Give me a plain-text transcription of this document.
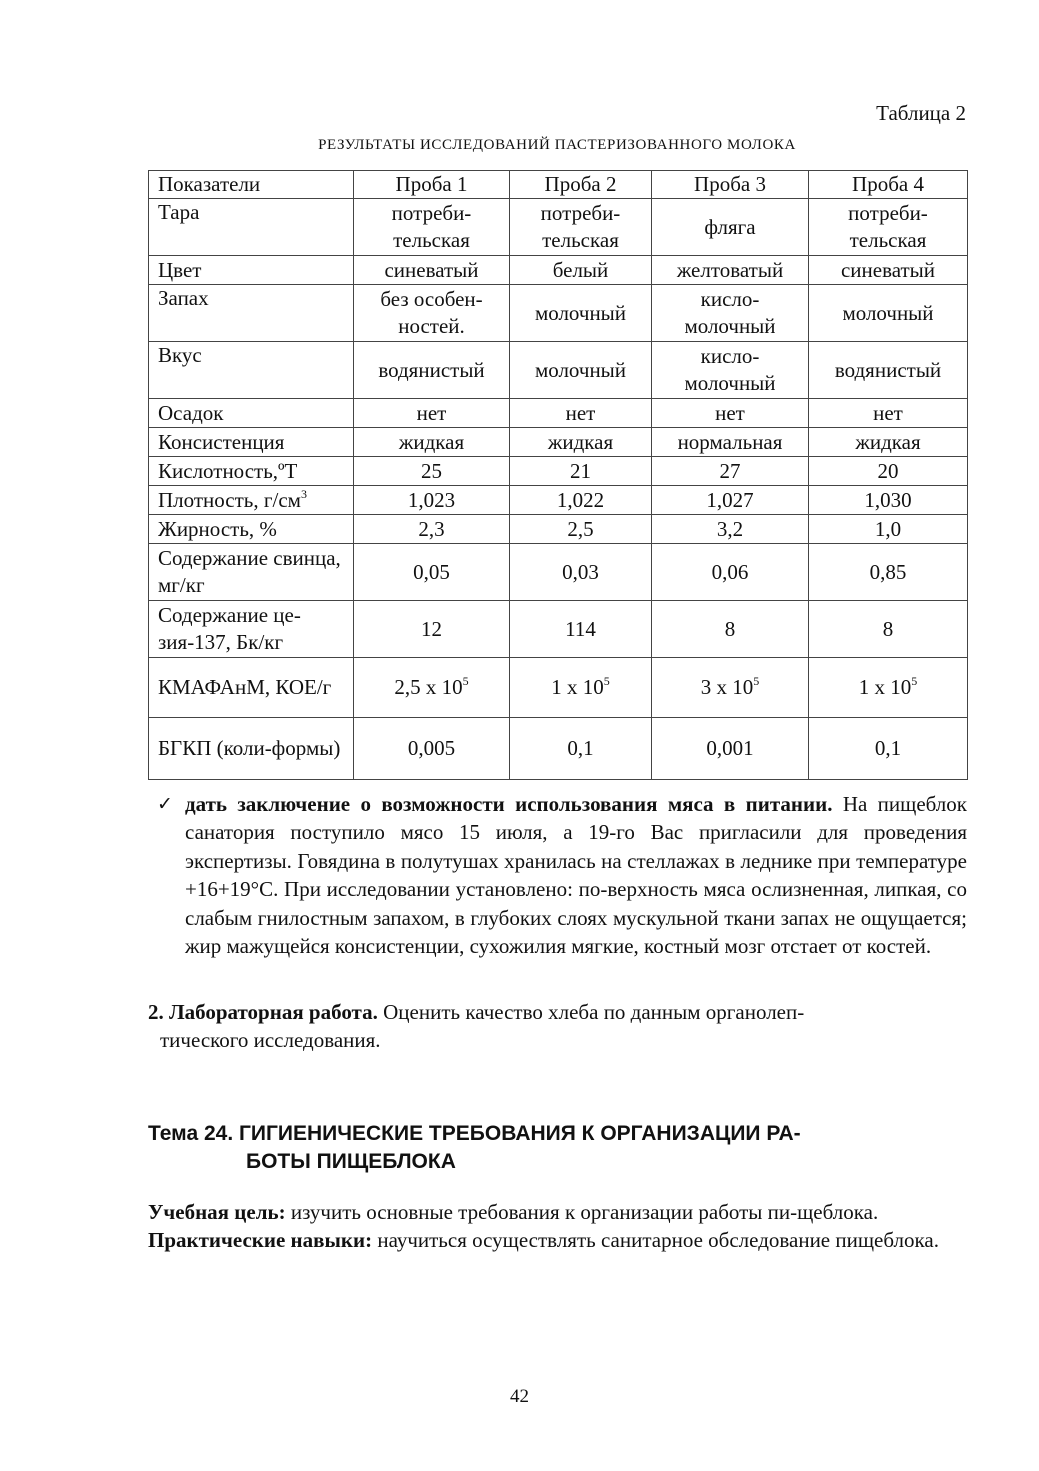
Таблица 2
РЕЗУЛЬТАТЫ ИССЛЕДОВАНИЙ ПАСТЕРИЗОВАННОГО МОЛОКА
Показатели	Проба 1	Проба 2	Проба 3	Проба 4
Тара	потреби-тельская	потреби-тельская	фляга	потреби-тельская
Цвет	синеватый	белый	желтоватый	синеватый
Запах	без особен-ностей.	молочный	кисло-молочный	молочный
Вкус	водянистый	молочный	кисло-молочный	водянистый
Осадок	нет	нет	нет	нет
Консистенция	жидкая	жидкая	нормальная	жидкая
Кислотность,ºТ	25	21	27	20
Плотность, $г/см^3$	1,023	1,022	1,027	1,030
Жирность, %	2,3	2,5	3,2	1,0
Содержание свинца, мг/кг	0,05	0,03	0,06	0,85
Содержание це-зия-137, Бк/кг	12	114	8	8
КМАФАнМ, КОЕ/г	2,5 х $10^5$	1 х $10^5$	3 х $10^5$	1 х $10^5$
БГКП (коли-формы)	0,005	0,1	0,001	0,1
✓ дать заключение о возможности использования мяса в питании. На пищеблок санатория поступило мясо 15 июля, а 19-го Вас пригласили для проведения экспертизы. Говядина в полутушах хранилась на стеллажах в леднике при температуре +16+19°С. При исследовании установлено: по-верхность мяса ослизненная, липкая, со слабым гнилостным запахом, в глубоких слоях мускульной ткани запах не ощущается; жир мажущейся консистенции, сухожилия мягкие, костный мозг отстает от костей.
2. Лабораторная работа. Оценить качество хлеба по данным органолеп-
тического исследования.
Тема 24. ГИГИЕНИЧЕСКИЕ ТРЕБОВАНИЯ К ОРГАНИЗАЦИИ РА-
БОТЫ ПИЩЕБЛОКА

Учебная цель: изучить основные требования к организации работы пи-щеблока.

Практические навыки: научиться осуществлять санитарное обследование пищеблока.

42
